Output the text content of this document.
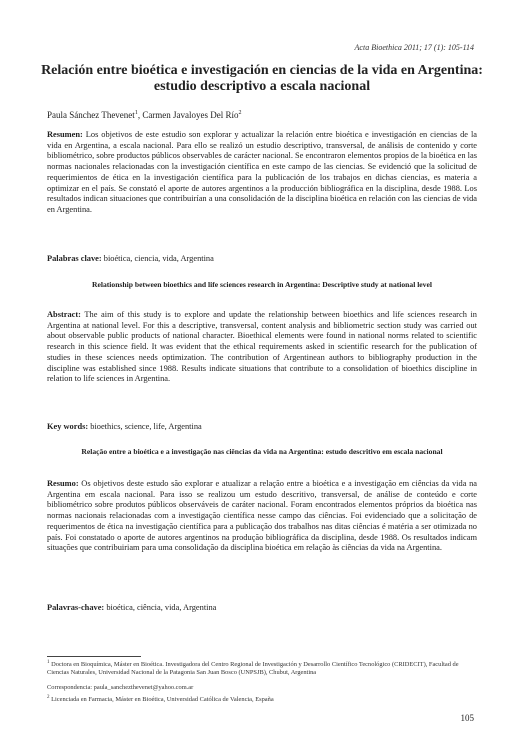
Acta Bioethica 2011; 17 (1): 105-114
Relación entre bioética e investigación en ciencias de la vida en Argentina: estudio descriptivo a escala nacional
Paula Sánchez Thevenet$^1$, Carmen Javaloyes Del Río$^2$
Resumen: Los objetivos de este estudio son explorar y actualizar la relación entre bioética e investigación en ciencias de la vida en Argentina, a escala nacional. Para ello se realizó un estudio descriptivo, transversal, de análisis de contenido y corte bibliométrico, sobre productos públicos observables de carácter nacional. Se encontraron elementos propios de la bioética en las normas nacionales relacionadas con la investigación científica en este campo de las ciencias. Se evidenció que la solicitud de requerimientos de ética en la investigación científica para la publicación de los trabajos en dichas ciencias, es materia a optimizar en el país. Se constató el aporte de autores argentinos a la producción bibliográfica en la disciplina, desde 1988. Los resultados indican situaciones que contribuirían a una consolidación de la disciplina bioética en relación con las ciencias de vida en Argentina.
Palabras clave: bioética, ciencia, vida, Argentina
Relationship between bioethics and life sciences research in Argentina: Descriptive study at national level
Abstract: The aim of this study is to explore and update the relationship between bioethics and life sciences research in Argentina at national level. For this a descriptive, transversal, content analysis and bibliometric section study was carried out about observable public products of national character. Bioethical elements were found in national norms related to scientific research in this science field. It was evident that the ethical requirements asked in scientific research for the publication of studies in these sciences needs optimization. The contribution of Argentinean authors to bibliography production in the discipline was established since 1988. Results indicate situations that contribute to a consolidation of bioethics discipline in relation to life sciences in Argentina.
Key words: bioethics, science, life, Argentina
Relação entre a bioética e a investigação nas ciências da vida na Argentina: estudo descritivo em escala nacional
Resumo: Os objetivos deste estudo são explorar e atualizar a relação entre a bioética e a investigação em ciências da vida na Argentina em escala nacional. Para isso se realizou um estudo descritivo, transversal, de análise de conteúdo e corte bibliométrico sobre produtos públicos observáveis de caráter nacional. Foram encontrados elementos próprios da bioética nas normas nacionais relacionadas com a investigação científica nesse campo das ciências. Foi evidenciado que a solicitação de requerimentos de ética na investigação científica para a publicação dos trabalhos nas ditas ciências é matéria a ser otimizada no país. Foi constatado o aporte de autores argentinos na produção bibliográfica da disciplina, desde 1988. Os resultados indicam situações que contribuiriam para uma consolidação da disciplina bioética em relação às ciências da vida na Argentina.
Palavras-chave: bioética, ciência, vida, Argentina
$^1$ Doctora en Bioquímica, Máster en Bioética. Investigadora del Centro Regional de Investigación y Desarrollo Científico Tecnológico (CRIDECIT), Facultad de Ciencias Naturales, Universidad Nacional de la Patagonia San Juan Bosco (UNPSJB), Chubut, Argentina
Correspondencia: paula_sanchezthevenet@yahoo.com.ar
$^2$ Licenciada en Farmacia, Máster en Bioética, Universidad Católica de Valencia, España
105
